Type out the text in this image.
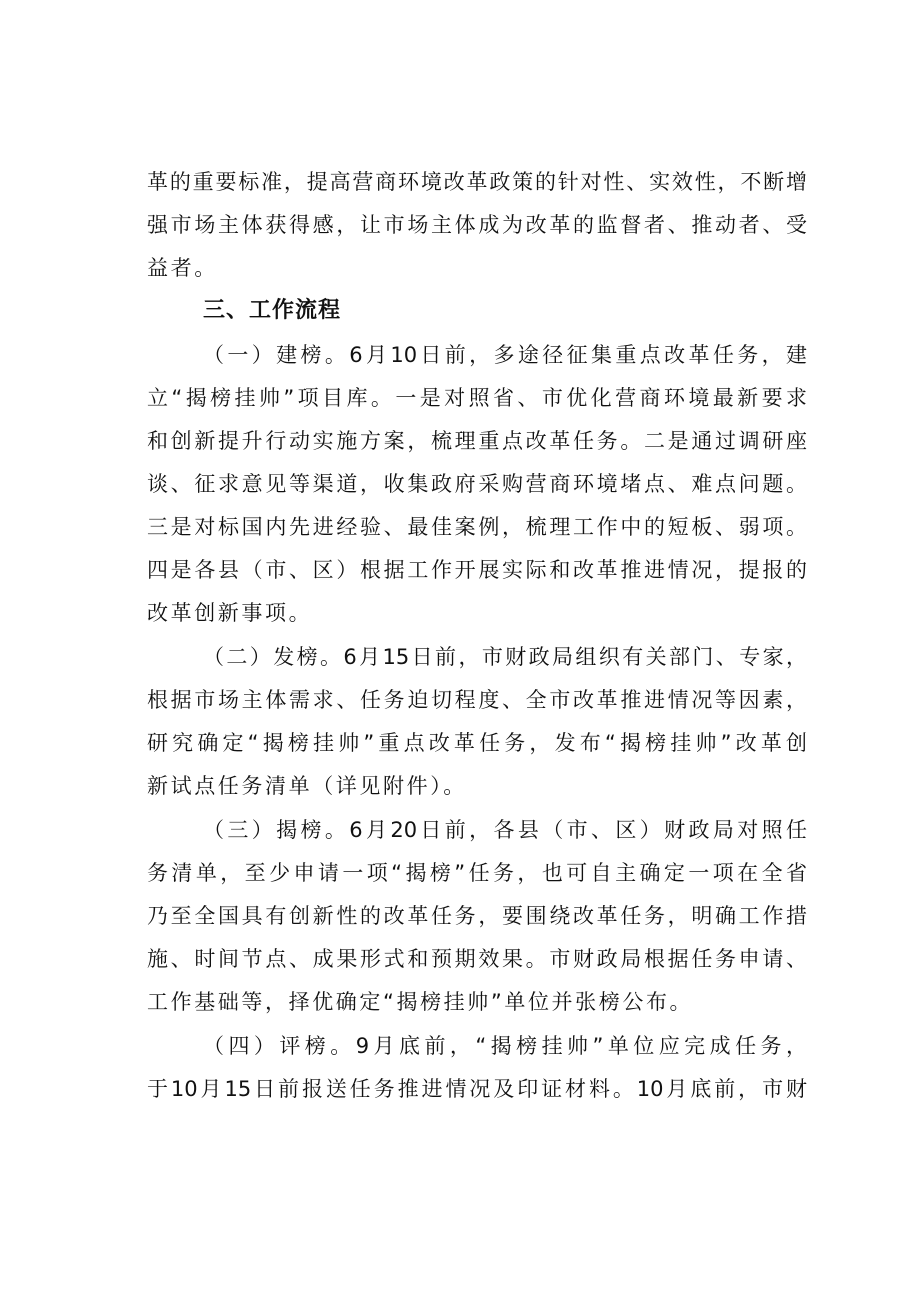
革的重要标准，提高营商环境改革政策的针对性、实效性，不断增
强市场主体获得感，让市场主体成为改革的监督者、推动者、受
益者。
三、工作流程
（一）建榜。6月10日前，多途径征集重点改革任务，建
立“揭榜挂帅”项目库。一是对照省、市优化营商环境最新要求
和创新提升行动实施方案，梳理重点改革任务。二是通过调研座
谈、征求意见等渠道，收集政府采购营商环境堵点、难点问题。
三是对标国内先进经验、最佳案例，梳理工作中的短板、弱项。
四是各县（市、区）根据工作开展实际和改革推进情况，提报的
改革创新事项。
（二）发榜。6月15日前，市财政局组织有关部门、专家，
根据市场主体需求、任务迫切程度、全市改革推进情况等因素，
研究确定“揭榜挂帅”重点改革任务，发布“揭榜挂帅”改革创
新试点任务清单（详见附件）。
（三）揭榜。6月20日前，各县（市、区）财政局对照任
务清单，至少申请一项“揭榜”任务，也可自主确定一项在全省
乃至全国具有创新性的改革任务，要围绕改革任务，明确工作措
施、时间节点、成果形式和预期效果。市财政局根据任务申请、
工作基础等，择优确定“揭榜挂帅”单位并张榜公布。
（四）评榜。9月底前，“揭榜挂帅”单位应完成任务，
于10月15日前报送任务推进情况及印证材料。10月底前，市财
